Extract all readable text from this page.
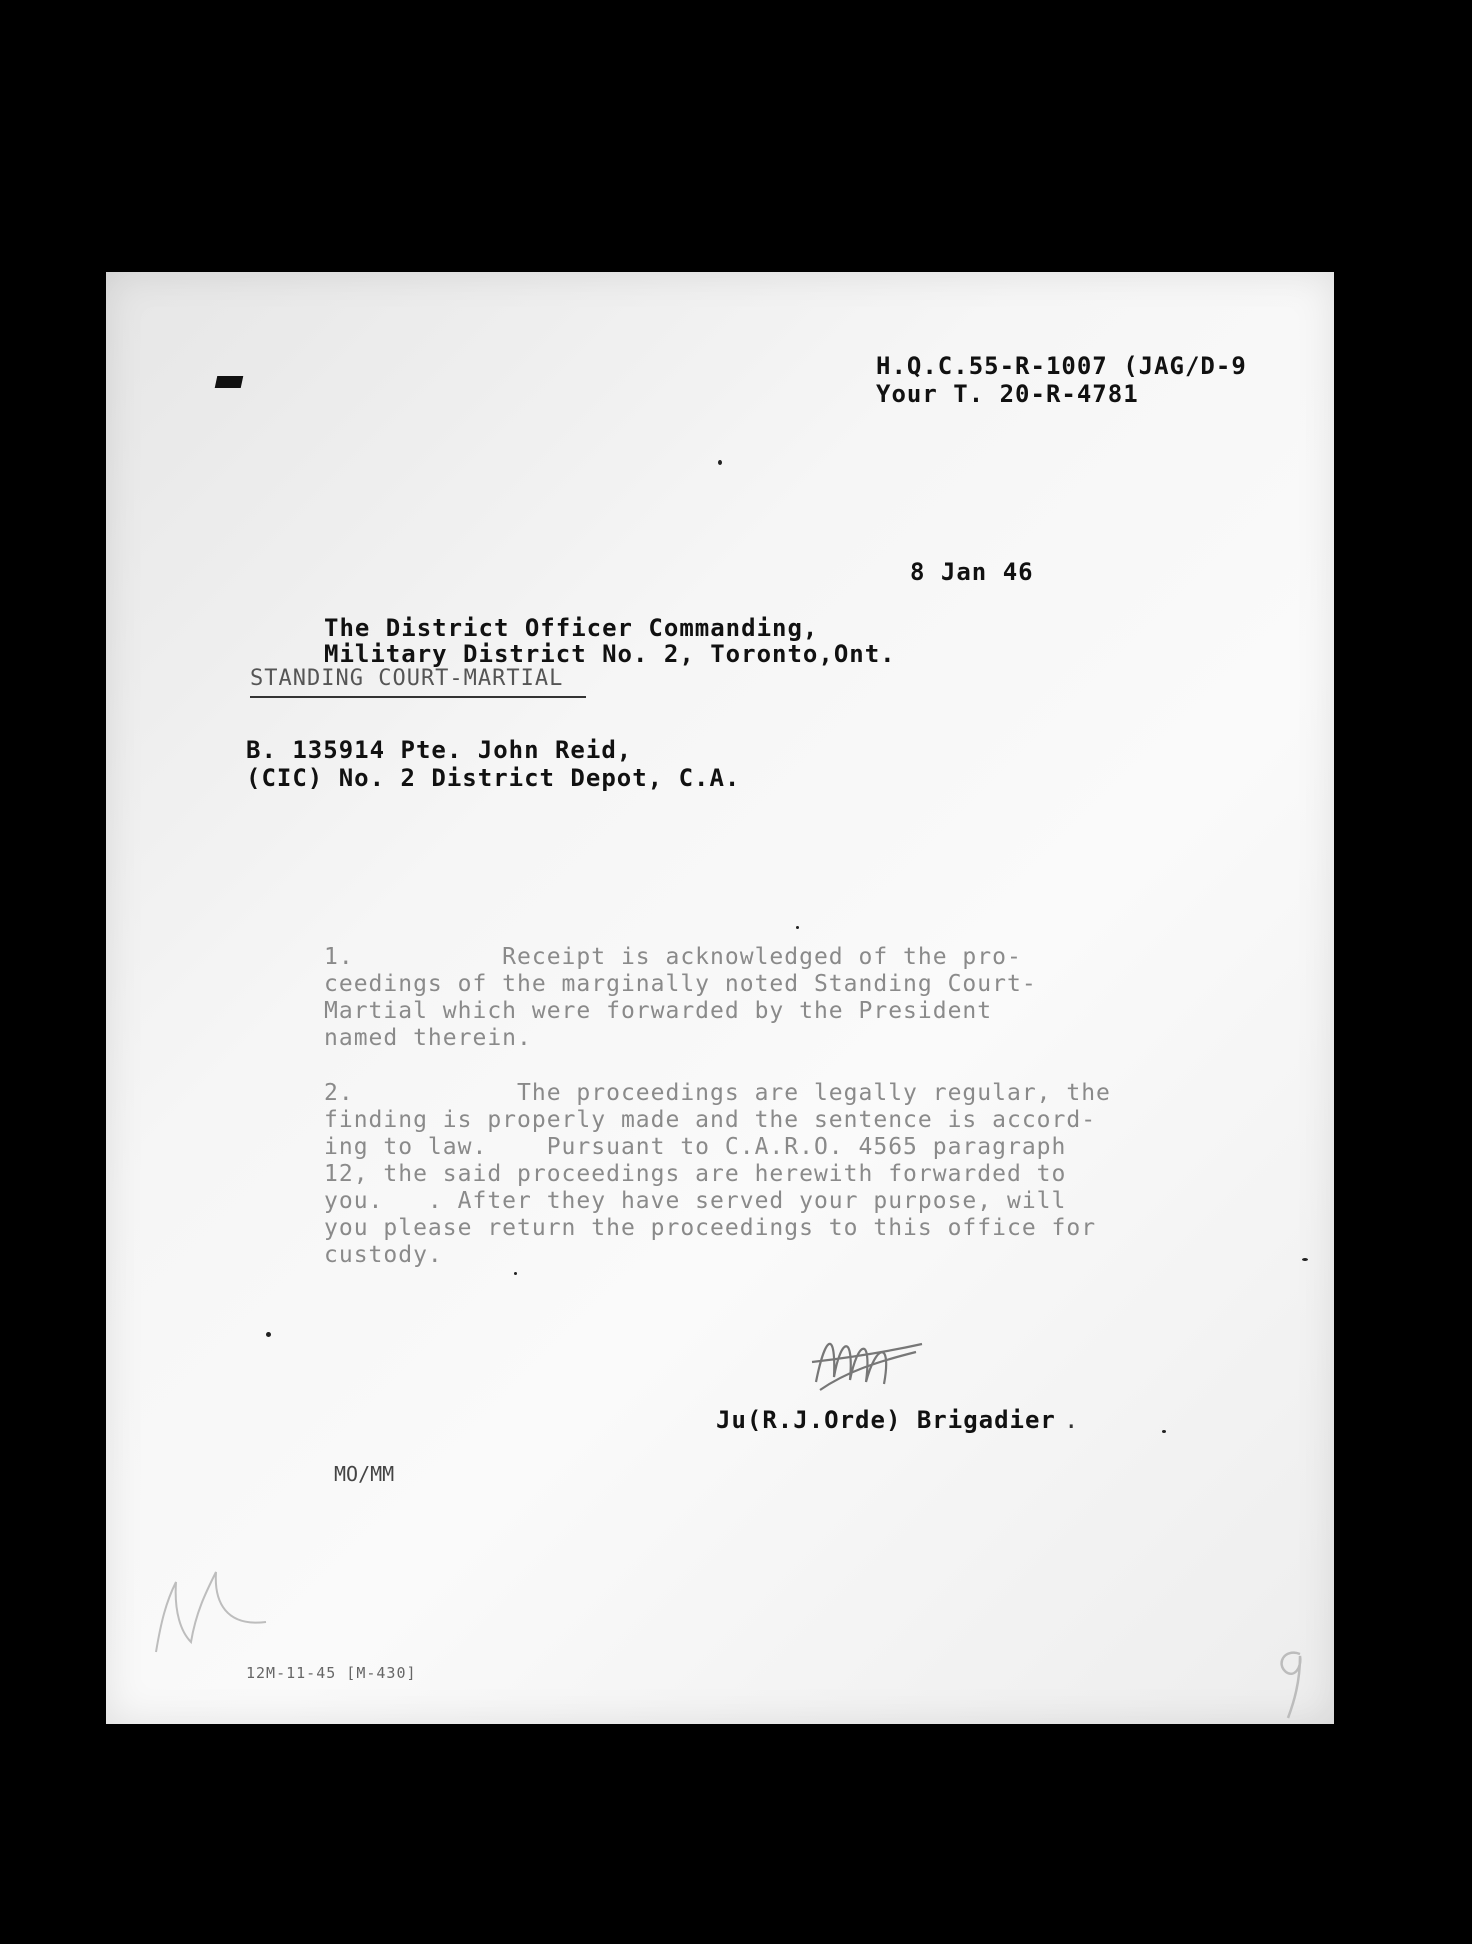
H.Q.C.55-R-1007 (JAG/D-9
Your T. 20-R-4781
8 Jan 46
The District Officer Commanding,
Military District No. 2, Toronto,Ont.
STANDING COURT-MARTIAL
B. 135914 Pte. John Reid,
(CIC) No. 2 District Depot, C.A.

1.          Receipt is acknowledged of the pro-

ceedings of the marginally noted Standing Court-

Martial which were forwarded by the President

named therein.

2.           The proceedings are legally regular, the

finding is properly made and the sentence is accord-

ing to law.    Pursuant to C.A.R.O. 4565 paragraph

12, the said proceedings are herewith forwarded to

you.   . After they have served your purpose, will

you please return the proceedings to this office for

custody.

Ju(R.J.Orde) Brigadier .
MO/MM
12M-11-45 [M-430]
